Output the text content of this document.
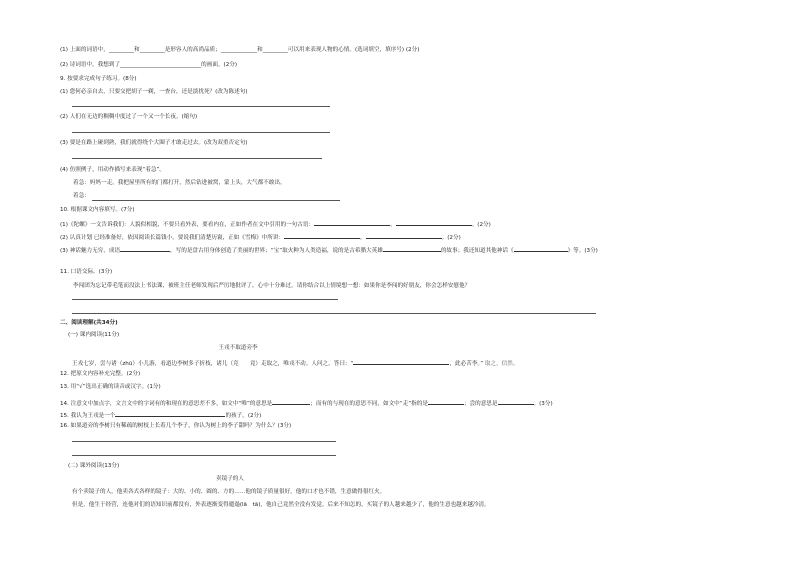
(1) 上面的词语中，_________和_________是形容人的高尚品质；_____________和_________可以用来表现人物的心情。(选词填空，填序号) (2分)
(2) 诗词语中，我想到了_____________________________的画面。(2分)
9. 按要求完成句子练习。(8分)
(1) 您何必亲自去，只要交把胡子一剃，一查台，还是淡扰死？(改为陈述句)
(2) 人们在无边的稠稠中度过了一个又一个长夜。(缩句)
(3) 要是在路上碰到熟，我们就得绕个大圈子才敢走过去。(改为双重否定句)
(4) 仿照例子，用动作描写来表现“着急”。
着急：妈妈一走，我把屋里所有的门都打开，然后钻进被窝，蒙上头，大气都不敢出。
着急：
10. 根据课文内容填写。(7分)
(1)《陀螺》一文告诉我们：人貌似相貌，不要只看外表，要看内在，正如作者在文中引用的一句古语：	，	。(2分)
(2) 认真计划 已经准备好，依因阅读长篇钱小，要说我们清楚历寰，正如《雪梅》中所讲：	，	。(2分)
(3) 神话魅力无穷，成语	，写的是盘古用身体创造了美丽的世界；“宝”取火种为人类造福，说的是古希腊大英雄	的故事；我还知道其他神话《	》等。(3分)
11. 口语交际。(3分)
李闯团为忘记带毛笔而没法上书法课，被班主任老师发现后严厉地批评了，心中十分难过。请你结合以上情境想一想：如果你是李闯的好朋友，你会怎样安慰他？
二、阅读理解(共34分)
(一) 课内阅读(11分)
王戎不取道旁李
王戎七岁，尝与诸（zhū）小儿游，看道边李树多子折枝，诸儿（竞　　竟）走取之，唯戎不动。人问之，答曰：“	，此必苦李。” 取之，信然。
12. 把原文内容补充完整。(2分)
13. 用“√”选出正确的读音或汉字。(1分)
14. 注意文中加点字，文言文中的字词有的和现在的意思差不多，如文中“唯”的意思是	；而有的与现在的意思不同，如文中“走”指的是	；尝的意思是	。(3分)
15. 我认为王戎是一个	的孩子。(2分)
16. 如果道旁的李树只有稀疏的树枝上长着几个李子，你认为树上的李子甜吗？为什么？(3分)
(二) 课外阅读(13分)
卖镜子的人
有个卖镜子的人，他卖各式各样的镜子：大的、小的、圆的、方的……他的镜子质量很好，他的口才也不错，生意做得很红火。
但是，他生于经营，连他对们的语知识前都没有，外表逐渐变得邋遢(lā　tā)，他自己竟然全没有发觉。后来不知怎的，买镜子的人越来越少了，他的生意也越来越冷清。
